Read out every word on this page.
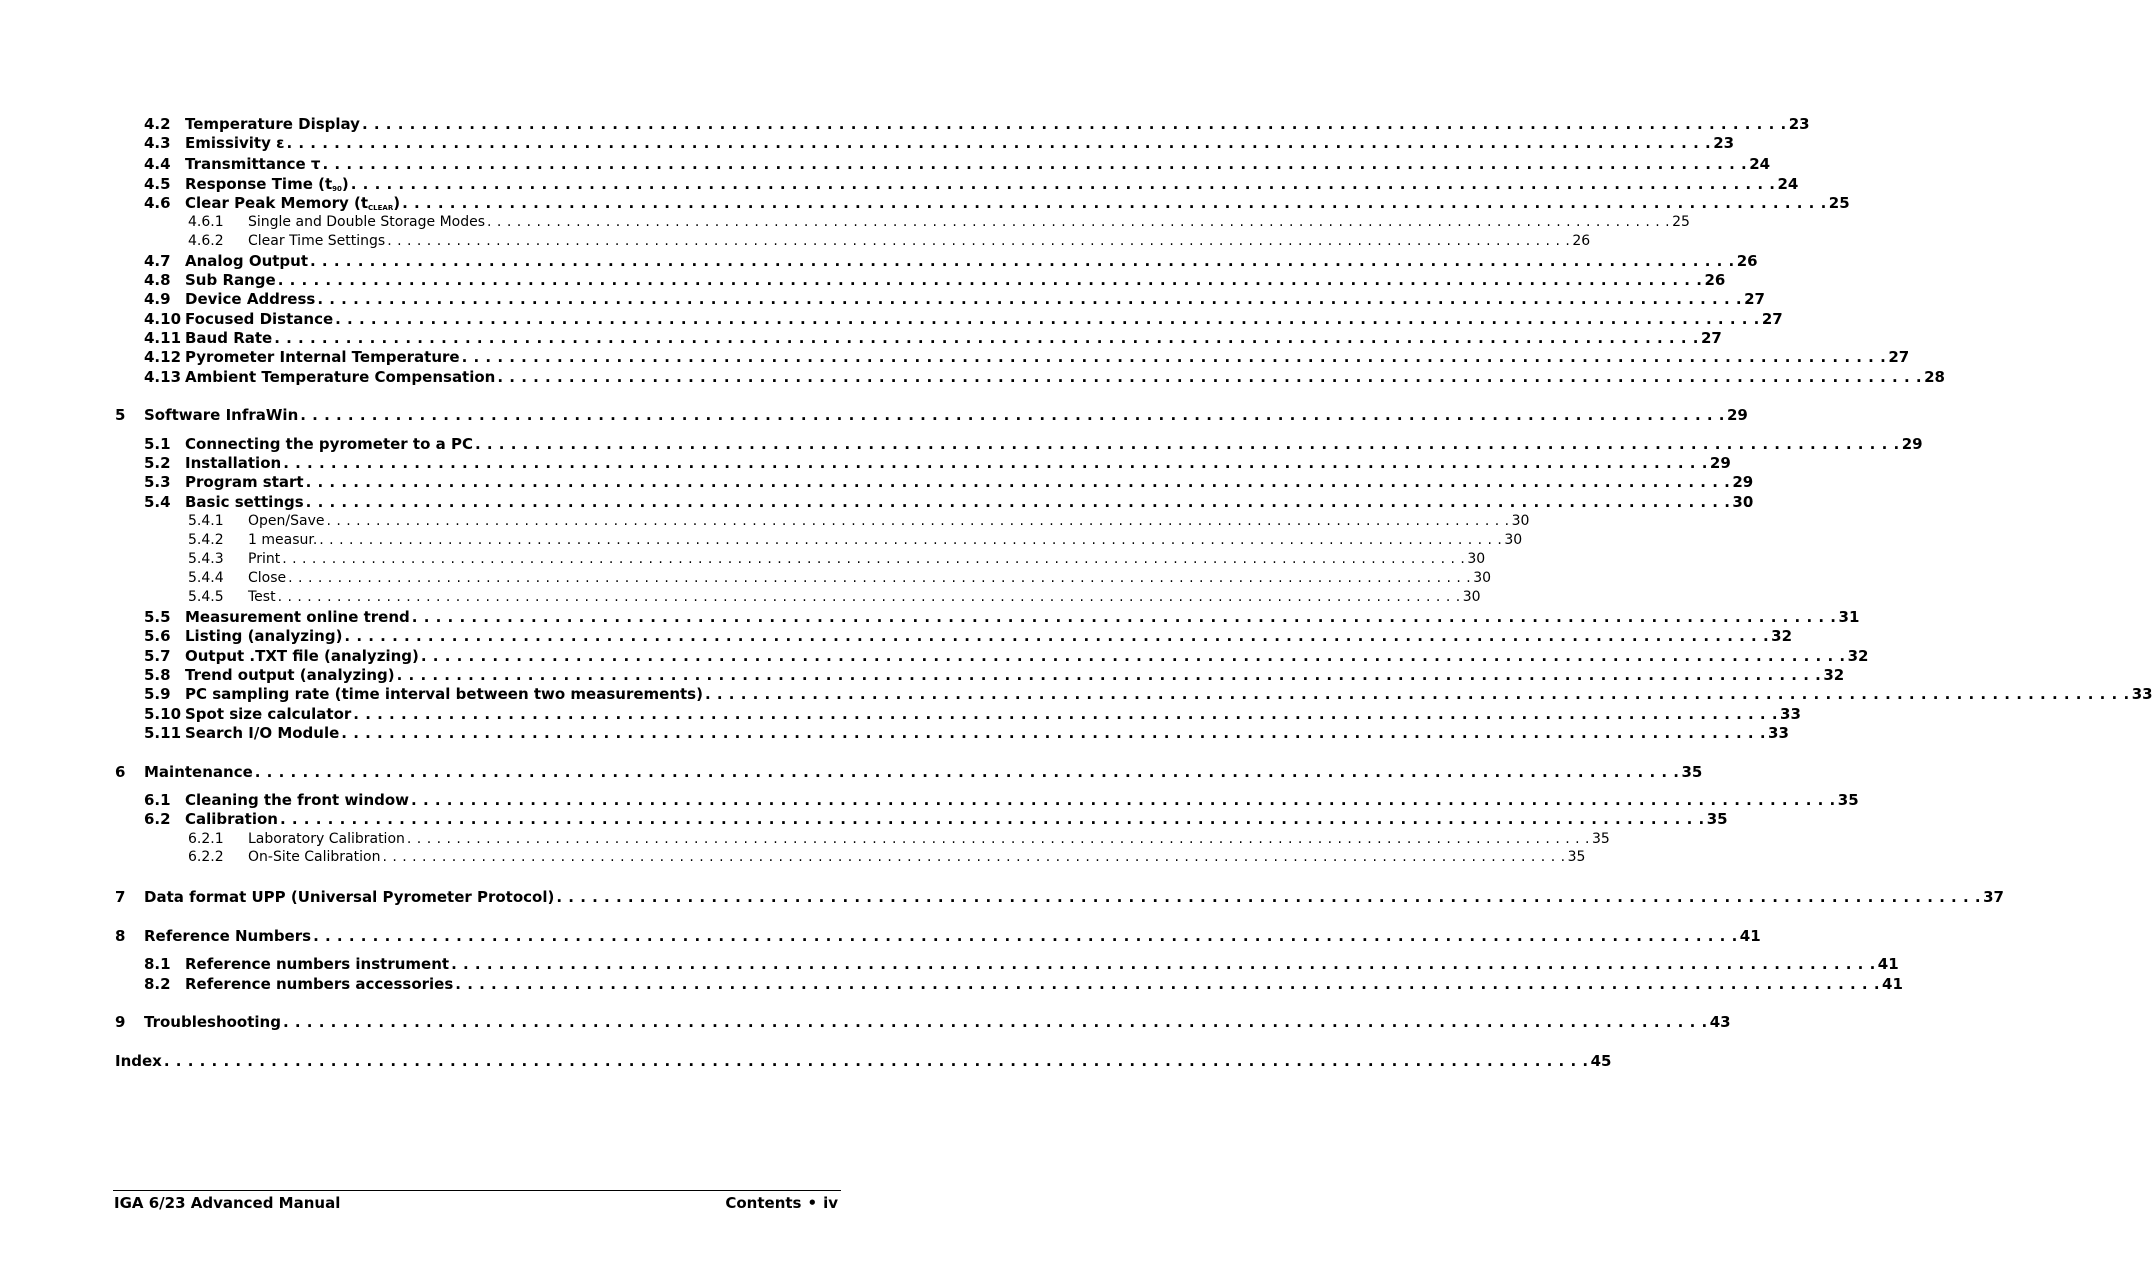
4.2 Temperature Display . . . . . . . . . . . . . . . . . . . . . . . . . . . . . . . . . . . . . . . . . . . . . . . . . . . . . . . . . . . . . . . . . . . . . . . . . . . . . . . . . . . . . . . . . . . . . . . . . . . . . . . . . . . . . . . . . . . . . . . . 23
4.3 Emissivity ε . . . . . . . . . . . . . . . . . . . . . . . . . . . . . . . . . . . . . . . . . . . . . . . . . . . . . . . . . . . . . . . . . . . . . . . . . . . . . . . . . . . . . . . . . . . . . . . . . . . . . . . . . . . . . . . . . . . . . . . . 23
4.4 Transmittance τ . . . . . . . . . . . . . . . . . . . . . . . . . . . . . . . . . . . . . . . . . . . . . . . . . . . . . . . . . . . . . . . . . . . . . . . . . . . . . . . . . . . . . . . . . . . . . . . . . . . . . . . . . . . . . . . . . . . . . . . . 24
4.5 Response Time $(t_{90})$ . . . . . . . . . . . . . . . . . . . . . . . . . . . . . . . . . . . . . . . . . . . . . . . . . . . . . . . . . . . . . . . . . . . . . . . . . . . . . . . . . . . . . . . . . . . . . . . . . . . . . . . . . . . . . . . . . . . . . . . . 24
4.6 Clear Peak Memory $(t_{CLEAR})$ . . . . . . . . . . . . . . . . . . . . . . . . . . . . . . . . . . . . . . . . . . . . . . . . . . . . . . . . . . . . . . . . . . . . . . . . . . . . . . . . . . . . . . . . . . . . . . . . . . . . . . . . . . . . . . . . . . . . . . . . 25
4.6.1 Single and Double Storage Modes . . . . . . . . . . . . . . . . . . . . . . . . . . . . . . . . . . . . . . . . . . . . . . . . . . . . . . . . . . . . . . . . . . . . . . . . . . . . . . . . . . . . . . . . . . . . . . . . . . . . . . . . . . . . . . . . . . . . . . . . 25
4.6.2 Clear Time Settings . . . . . . . . . . . . . . . . . . . . . . . . . . . . . . . . . . . . . . . . . . . . . . . . . . . . . . . . . . . . . . . . . . . . . . . . . . . . . . . . . . . . . . . . . . . . . . . . . . . . . . . . . . . . . . . . . . . . . . . . 26
4.7 Analog Output . . . . . . . . . . . . . . . . . . . . . . . . . . . . . . . . . . . . . . . . . . . . . . . . . . . . . . . . . . . . . . . . . . . . . . . . . . . . . . . . . . . . . . . . . . . . . . . . . . . . . . . . . . . . . . . . . . . . . . . . 26
4.8 Sub Range . . . . . . . . . . . . . . . . . . . . . . . . . . . . . . . . . . . . . . . . . . . . . . . . . . . . . . . . . . . . . . . . . . . . . . . . . . . . . . . . . . . . . . . . . . . . . . . . . . . . . . . . . . . . . . . . . . . . . . . . 26
4.9 Device Address . . . . . . . . . . . . . . . . . . . . . . . . . . . . . . . . . . . . . . . . . . . . . . . . . . . . . . . . . . . . . . . . . . . . . . . . . . . . . . . . . . . . . . . . . . . . . . . . . . . . . . . . . . . . . . . . . . . . . . . . 27
4.10 Focused Distance . . . . . . . . . . . . . . . . . . . . . . . . . . . . . . . . . . . . . . . . . . . . . . . . . . . . . . . . . . . . . . . . . . . . . . . . . . . . . . . . . . . . . . . . . . . . . . . . . . . . . . . . . . . . . . . . . . . . . . . . 27
4.11 Baud Rate . . . . . . . . . . . . . . . . . . . . . . . . . . . . . . . . . . . . . . . . . . . . . . . . . . . . . . . . . . . . . . . . . . . . . . . . . . . . . . . . . . . . . . . . . . . . . . . . . . . . . . . . . . . . . . . . . . . . . . . . 27
4.12 Pyrometer Internal Temperature . . . . . . . . . . . . . . . . . . . . . . . . . . . . . . . . . . . . . . . . . . . . . . . . . . . . . . . . . . . . . . . . . . . . . . . . . . . . . . . . . . . . . . . . . . . . . . . . . . . . . . . . . . . . . . . . . . . . . . . . 27
4.13 Ambient Temperature Compensation . . . . . . . . . . . . . . . . . . . . . . . . . . . . . . . . . . . . . . . . . . . . . . . . . . . . . . . . . . . . . . . . . . . . . . . . . . . . . . . . . . . . . . . . . . . . . . . . . . . . . . . . . . . . . . . . . . . . . . . . 28
5 Software InfraWin . . . . . . . . . . . . . . . . . . . . . . . . . . . . . . . . . . . . . . . . . . . . . . . . . . . . . . . . . . . . . . . . . . . . . . . . . . . . . . . . . . . . . . . . . . . . . . . . . . . . . . . . . . . . . . . . . . . . . . . . 29
5.1 Connecting the pyrometer to a PC . . . . . . . . . . . . . . . . . . . . . . . . . . . . . . . . . . . . . . . . . . . . . . . . . . . . . . . . . . . . . . . . . . . . . . . . . . . . . . . . . . . . . . . . . . . . . . . . . . . . . . . . . . . . . . . . . . . . . . . . 29
5.2 Installation . . . . . . . . . . . . . . . . . . . . . . . . . . . . . . . . . . . . . . . . . . . . . . . . . . . . . . . . . . . . . . . . . . . . . . . . . . . . . . . . . . . . . . . . . . . . . . . . . . . . . . . . . . . . . . . . . . . . . . . . 29
5.3 Program start . . . . . . . . . . . . . . . . . . . . . . . . . . . . . . . . . . . . . . . . . . . . . . . . . . . . . . . . . . . . . . . . . . . . . . . . . . . . . . . . . . . . . . . . . . . . . . . . . . . . . . . . . . . . . . . . . . . . . . . . 29
5.4 Basic settings . . . . . . . . . . . . . . . . . . . . . . . . . . . . . . . . . . . . . . . . . . . . . . . . . . . . . . . . . . . . . . . . . . . . . . . . . . . . . . . . . . . . . . . . . . . . . . . . . . . . . . . . . . . . . . . . . . . . . . . . 30
5.4.1 Open/Save . . . . . . . . . . . . . . . . . . . . . . . . . . . . . . . . . . . . . . . . . . . . . . . . . . . . . . . . . . . . . . . . . . . . . . . . . . . . . . . . . . . . . . . . . . . . . . . . . . . . . . . . . . . . . . . . . . . . . . . . 30
5.4.2 1 measur. . . . . . . . . . . . . . . . . . . . . . . . . . . . . . . . . . . . . . . . . . . . . . . . . . . . . . . . . . . . . . . . . . . . . . . . . . . . . . . . . . . . . . . . . . . . . . . . . . . . . . . . . . . . . . . . . . . . . . . . . 30
5.4.3 Print . . . . . . . . . . . . . . . . . . . . . . . . . . . . . . . . . . . . . . . . . . . . . . . . . . . . . . . . . . . . . . . . . . . . . . . . . . . . . . . . . . . . . . . . . . . . . . . . . . . . . . . . . . . . . . . . . . . . . . . . 30
5.4.4 Close . . . . . . . . . . . . . . . . . . . . . . . . . . . . . . . . . . . . . . . . . . . . . . . . . . . . . . . . . . . . . . . . . . . . . . . . . . . . . . . . . . . . . . . . . . . . . . . . . . . . . . . . . . . . . . . . . . . . . . . . 30
5.4.5 Test . . . . . . . . . . . . . . . . . . . . . . . . . . . . . . . . . . . . . . . . . . . . . . . . . . . . . . . . . . . . . . . . . . . . . . . . . . . . . . . . . . . . . . . . . . . . . . . . . . . . . . . . . . . . . . . . . . . . . . . . 30
5.5 Measurement online trend . . . . . . . . . . . . . . . . . . . . . . . . . . . . . . . . . . . . . . . . . . . . . . . . . . . . . . . . . . . . . . . . . . . . . . . . . . . . . . . . . . . . . . . . . . . . . . . . . . . . . . . . . . . . . . . . . . . . . . . . 31
5.6 Listing (analyzing) . . . . . . . . . . . . . . . . . . . . . . . . . . . . . . . . . . . . . . . . . . . . . . . . . . . . . . . . . . . . . . . . . . . . . . . . . . . . . . . . . . . . . . . . . . . . . . . . . . . . . . . . . . . . . . . . . . . . . . . . 32
5.7 Output .TXT file (analyzing) . . . . . . . . . . . . . . . . . . . . . . . . . . . . . . . . . . . . . . . . . . . . . . . . . . . . . . . . . . . . . . . . . . . . . . . . . . . . . . . . . . . . . . . . . . . . . . . . . . . . . . . . . . . . . . . . . . . . . . . . 32
5.8 Trend output (analyzing) . . . . . . . . . . . . . . . . . . . . . . . . . . . . . . . . . . . . . . . . . . . . . . . . . . . . . . . . . . . . . . . . . . . . . . . . . . . . . . . . . . . . . . . . . . . . . . . . . . . . . . . . . . . . . . . . . . . . . . . . 32
5.9 PC sampling rate (time interval between two measurements) . . . . . . . . . . . . . . . . . . . . . . . . . . . . . . . . . . . . . . . . . . . . . . . . . . . . . . . . . . . . . . . . . . . . . . . . . . . . . . . . . . . . . . . . . . . . . . . . . . . . . . . . . . . . . . . . . . . . . . . . 33
5.10 Spot size calculator . . . . . . . . . . . . . . . . . . . . . . . . . . . . . . . . . . . . . . . . . . . . . . . . . . . . . . . . . . . . . . . . . . . . . . . . . . . . . . . . . . . . . . . . . . . . . . . . . . . . . . . . . . . . . . . . . . . . . . . . 33
5.11 Search I/O Module . . . . . . . . . . . . . . . . . . . . . . . . . . . . . . . . . . . . . . . . . . . . . . . . . . . . . . . . . . . . . . . . . . . . . . . . . . . . . . . . . . . . . . . . . . . . . . . . . . . . . . . . . . . . . . . . . . . . . . . . 33
6 Maintenance . . . . . . . . . . . . . . . . . . . . . . . . . . . . . . . . . . . . . . . . . . . . . . . . . . . . . . . . . . . . . . . . . . . . . . . . . . . . . . . . . . . . . . . . . . . . . . . . . . . . . . . . . . . . . . . . . . . . . . . . 35
6.1 Cleaning the front window . . . . . . . . . . . . . . . . . . . . . . . . . . . . . . . . . . . . . . . . . . . . . . . . . . . . . . . . . . . . . . . . . . . . . . . . . . . . . . . . . . . . . . . . . . . . . . . . . . . . . . . . . . . . . . . . . . . . . . . . 35
6.2 Calibration . . . . . . . . . . . . . . . . . . . . . . . . . . . . . . . . . . . . . . . . . . . . . . . . . . . . . . . . . . . . . . . . . . . . . . . . . . . . . . . . . . . . . . . . . . . . . . . . . . . . . . . . . . . . . . . . . . . . . . . . 35
6.2.1 Laboratory Calibration . . . . . . . . . . . . . . . . . . . . . . . . . . . . . . . . . . . . . . . . . . . . . . . . . . . . . . . . . . . . . . . . . . . . . . . . . . . . . . . . . . . . . . . . . . . . . . . . . . . . . . . . . . . . . . . . . . . . . . . . 35
6.2.2 On-Site Calibration . . . . . . . . . . . . . . . . . . . . . . . . . . . . . . . . . . . . . . . . . . . . . . . . . . . . . . . . . . . . . . . . . . . . . . . . . . . . . . . . . . . . . . . . . . . . . . . . . . . . . . . . . . . . . . . . . . . . . . . . 35
7 Data format UPP (Universal Pyrometer Protocol) . . . . . . . . . . . . . . . . . . . . . . . . . . . . . . . . . . . . . . . . . . . . . . . . . . . . . . . . . . . . . . . . . . . . . . . . . . . . . . . . . . . . . . . . . . . . . . . . . . . . . . . . . . . . . . . . . . . . . . . . 37
8 Reference Numbers . . . . . . . . . . . . . . . . . . . . . . . . . . . . . . . . . . . . . . . . . . . . . . . . . . . . . . . . . . . . . . . . . . . . . . . . . . . . . . . . . . . . . . . . . . . . . . . . . . . . . . . . . . . . . . . . . . . . . . . . 41
8.1 Reference numbers instrument . . . . . . . . . . . . . . . . . . . . . . . . . . . . . . . . . . . . . . . . . . . . . . . . . . . . . . . . . . . . . . . . . . . . . . . . . . . . . . . . . . . . . . . . . . . . . . . . . . . . . . . . . . . . . . . . . . . . . . . . 41
8.2 Reference numbers accessories . . . . . . . . . . . . . . . . . . . . . . . . . . . . . . . . . . . . . . . . . . . . . . . . . . . . . . . . . . . . . . . . . . . . . . . . . . . . . . . . . . . . . . . . . . . . . . . . . . . . . . . . . . . . . . . . . . . . . . . . 41
9 Troubleshooting . . . . . . . . . . . . . . . . . . . . . . . . . . . . . . . . . . . . . . . . . . . . . . . . . . . . . . . . . . . . . . . . . . . . . . . . . . . . . . . . . . . . . . . . . . . . . . . . . . . . . . . . . . . . . . . . . . . . . . . . 43
Index . . . . . . . . . . . . . . . . . . . . . . . . . . . . . . . . . . . . . . . . . . . . . . . . . . . . . . . . . . . . . . . . . . . . . . . . . . . . . . . . . . . . . . . . . . . . . . . . . . . . . . . . . . . . . . . . . . . . . . . . 45
IGA 6/23 Advanced Manual	Contents • iv
